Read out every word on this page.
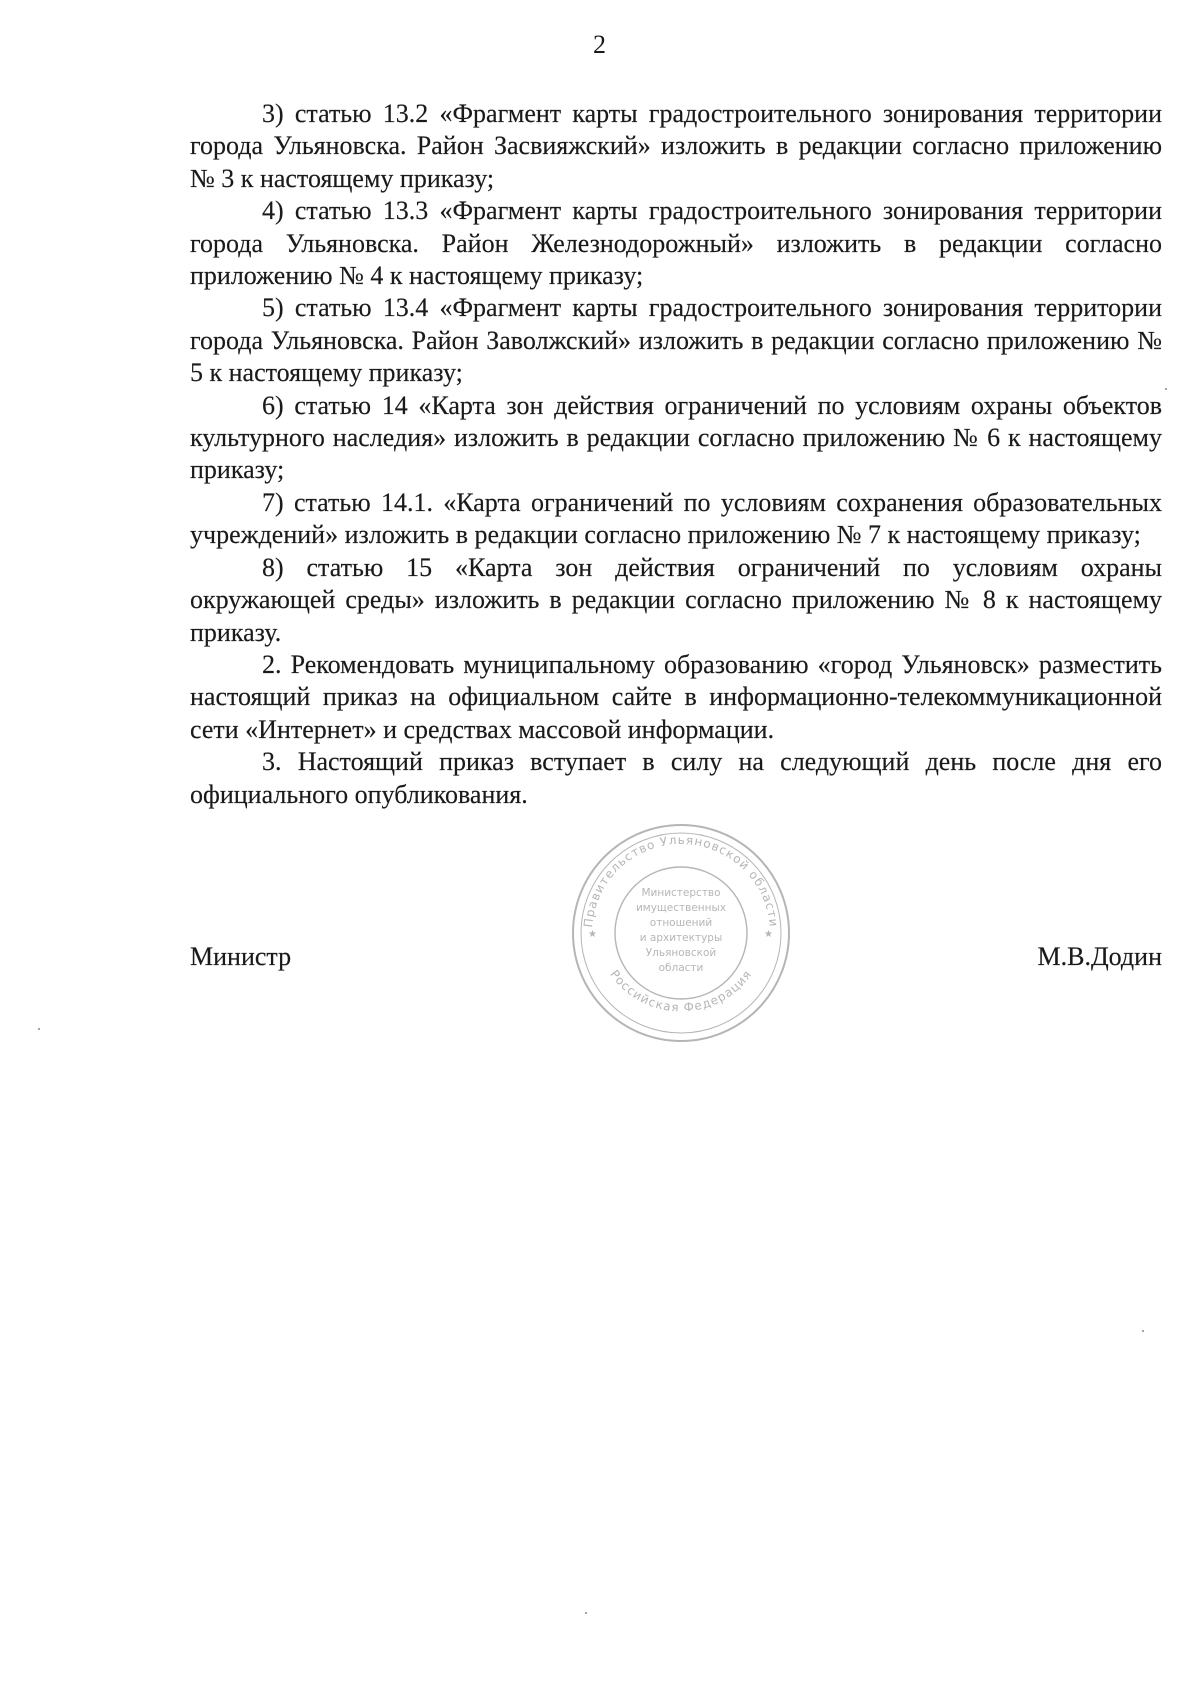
2

3) статью 13.2 «Фрагмент карты градостроительного зонирования территории города Ульяновска. Район Засвияжский» изложить в редакции согласно приложению № 3 к настоящему приказу;

4) статью 13.3 «Фрагмент карты градостроительного зонирования территории города Ульяновска. Район Железнодорожный» изложить в редакции согласно приложению № 4 к настоящему приказу;

5) статью 13.4 «Фрагмент карты градостроительного зонирования территории города Ульяновска. Район Заволжский» изложить в редакции согласно приложению № 5 к настоящему приказу;

6) статью 14 «Карта зон действия ограничений по условиям охраны объектов культурного наследия» изложить в редакции согласно приложению № 6 к настоящему приказу;

7) статью 14.1. «Карта ограничений по условиям сохранения образовательных учреждений» изложить в редакции согласно приложению № 7 к настоящему приказу;

8) статью 15 «Карта зон действия ограничений по условиям охраны окружающей среды» изложить в редакции согласно приложению № 8 к настоящему приказу.

2. Рекомендовать муниципальному образованию «город Ульяновск» разместить настоящий приказ на официальном сайте в информационно-телекоммуникационной сети «Интернет» и средствах массовой информации.

3. Настоящий приказ вступает в силу на следующий день после дня его официального опубликования.

Правительство Ульяновской области
Российская Федерация
★	★
Министерство
имущественных
отношений
и архитектуры
Ульяновской
области
Министр	М.В.Додин
